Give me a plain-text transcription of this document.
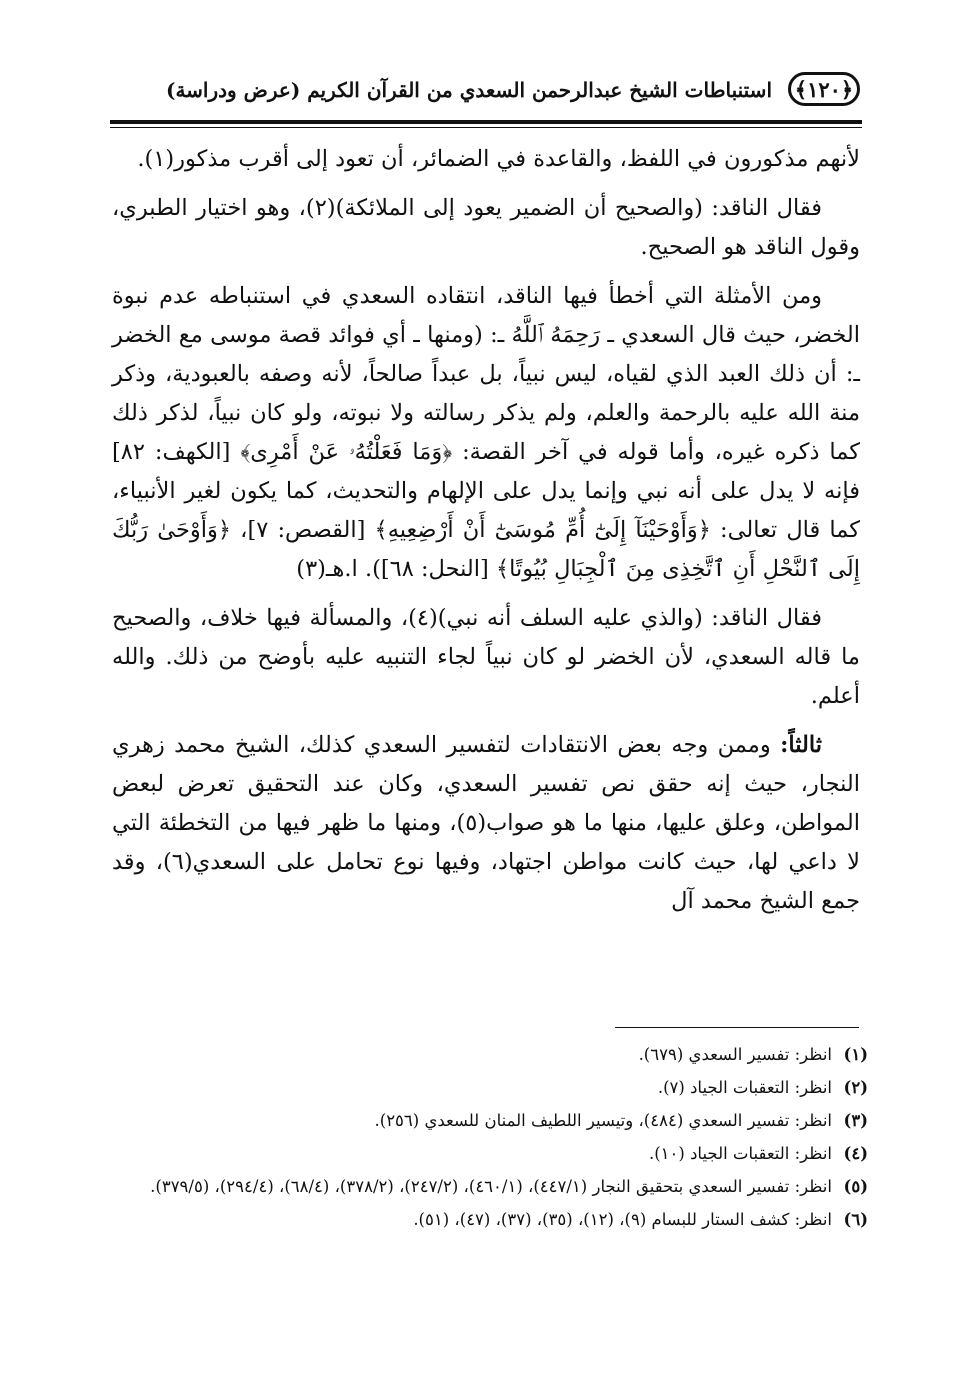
﴿١٢٠﴾
استنباطات الشيخ عبدالرحمن السعدي من القرآن الكريم (عرض ودراسة)

لأنهم مذكورون في اللفظ، والقاعدة في الضمائر، أن تعود إلى أقرب مذكور(١).

فقال الناقد: (والصحيح أن الضمير يعود إلى الملائكة)(٢)، وهو اختيار الطبري، وقول الناقد هو الصحيح.

ومن الأمثلة التي أخطأ فيها الناقد، انتقاده السعدي في استنباطه عدم نبوة الخضر، حيث قال السعدي ـ رَحِمَهُ ٱللَّهُ ـ: (ومنها ـ أي فوائد قصة موسى مع الخضر ـ: أن ذلك العبد الذي لقياه، ليس نبياً، بل عبداً صالحاً، لأنه وصفه بالعبودية، وذكر منة الله عليه بالرحمة والعلم، ولم يذكر رسالته ولا نبوته، ولو كان نبياً، لذكر ذلك كما ذكره غيره، وأما قوله في آخر القصة: ﴿وَمَا فَعَلْتُهُۥ عَنْ أَمْرِى﴾ [الكهف: ٨٢] فإنه لا يدل على أنه نبي وإنما يدل على الإلهام والتحديث، كما يكون لغير الأنبياء، كما قال تعالى: ﴿وَأَوْحَيْنَآ إِلَىٰٓ أُمِّ مُوسَىٰٓ أَنْ أَرْضِعِيهِ﴾ [القصص: ٧]، ﴿وَأَوْحَىٰ رَبُّكَ إِلَى ٱلنَّحْلِ أَنِ ٱتَّخِذِى مِنَ ٱلْجِبَالِ بُيُوتًا﴾ [النحل: ٦٨]). ا.هـ(٣)

فقال الناقد: (والذي عليه السلف أنه نبي)(٤)، والمسألة فيها خلاف، والصحيح ما قاله السعدي، لأن الخضر لو كان نبياً لجاء التنبيه عليه بأوضح من ذلك. والله أعلم.

ثالثاً: وممن وجه بعض الانتقادات لتفسير السعدي كذلك، الشيخ محمد زهري النجار، حيث إنه حقق نص تفسير السعدي، وكان عند التحقيق تعرض لبعض المواطن، وعلق عليها، منها ما هو صواب(٥)، ومنها ما ظهر فيها من التخطئة التي لا داعي لها، حيث كانت مواطن اجتهاد، وفيها نوع تحامل على السعدي(٦)، وقد جمع الشيخ محمد آل

(١)
انظر: تفسير السعدي (٦٧٩).
(٢)
انظر: التعقبات الجياد (٧).
(٣)
انظر: تفسير السعدي (٤٨٤)، وتيسير اللطيف المنان للسعدي (٢٥٦).
(٤)
انظر: التعقبات الجياد (١٠).
(٥)
انظر: تفسير السعدي بتحقيق النجار (٤٤٧/١)، (٤٦٠/١)، (٢٤٧/٢)، (٣٧٨/٢)، (٦٨/٤)، (٢٩٤/٤)، (٣٧٩/٥).
(٦)
انظر: كشف الستار للبسام (٩)، (١٢)، (٣٥)، (٣٧)، (٤٧)، (٥١).
